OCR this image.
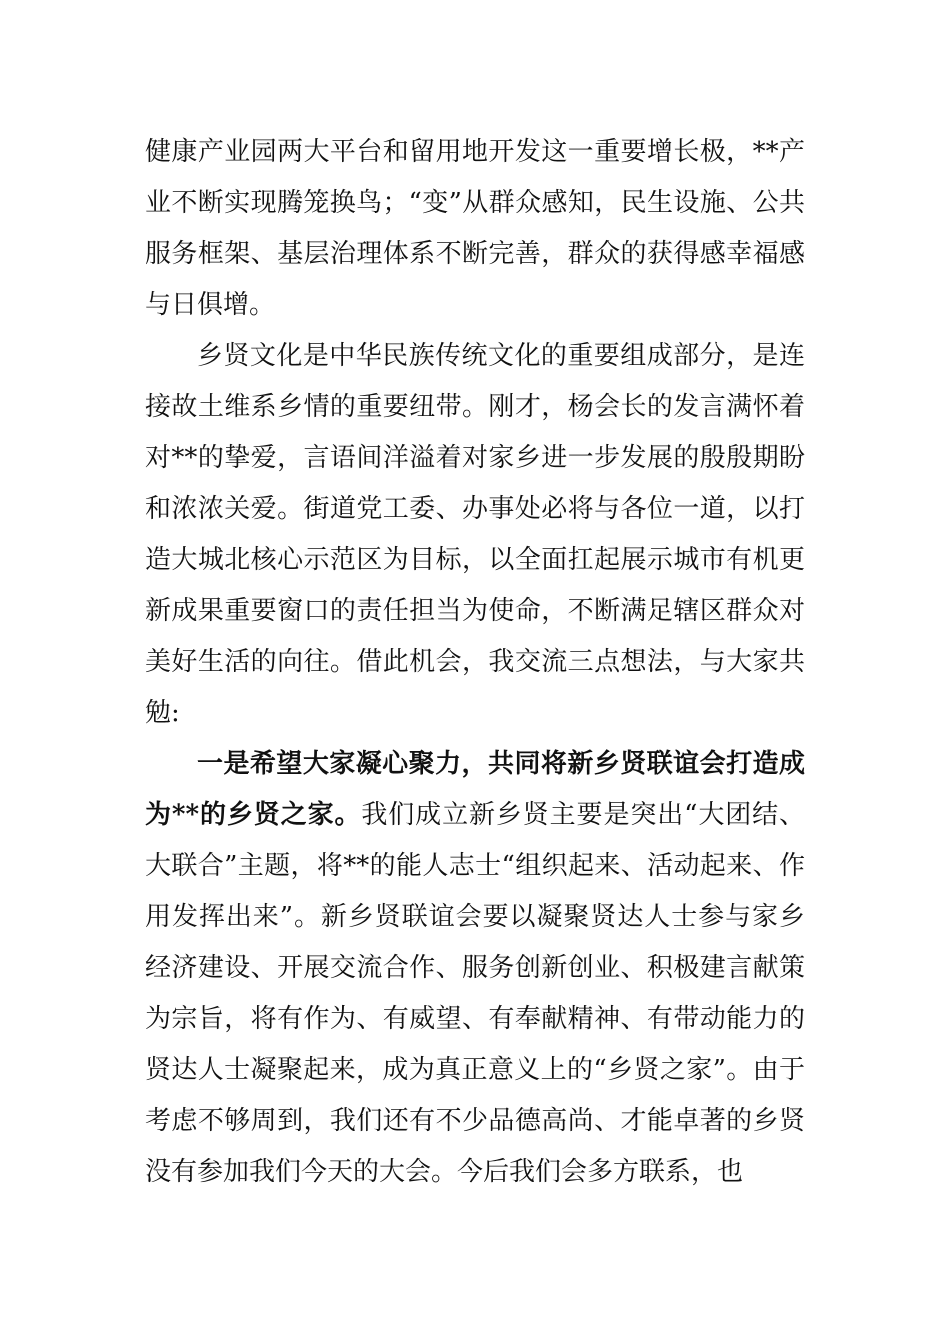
健康产业园两大平台和留用地开发这一重要增长极，**产业不断实现腾笼换鸟；“变”从群众感知，民生设施、公共服务框架、基层治理体系不断完善，群众的获得感幸福感与日俱增。

乡贤文化是中华民族传统文化的重要组成部分，是连接故土维系乡情的重要纽带。刚才，杨会长的发言满怀着对**的挚爱，言语间洋溢着对家乡进一步发展的殷殷期盼和浓浓关爱。街道党工委、办事处必将与各位一道，以打造大城北核心示范区为目标，以全面扛起展示城市有机更新成果重要窗口的责任担当为使命，不断满足辖区群众对美好生活的向往。借此机会，我交流三点想法，与大家共勉:

一是希望大家凝心聚力，共同将新乡贤联谊会打造成为**的乡贤之家。我们成立新乡贤主要是突出“大团结、大联合”主题，将**的能人志士“组织起来、活动起来、作用发挥出来”。新乡贤联谊会要以凝聚贤达人士参与家乡经济建设、开展交流合作、服务创新创业、积极建言献策为宗旨，将有作为、有威望、有奉献精神、有带动能力的贤达人士凝聚起来，成为真正意义上的“乡贤之家”。由于考虑不够周到，我们还有不少品德高尚、才能卓著的乡贤没有参加我们今天的大会。今后我们会多方联系，也
